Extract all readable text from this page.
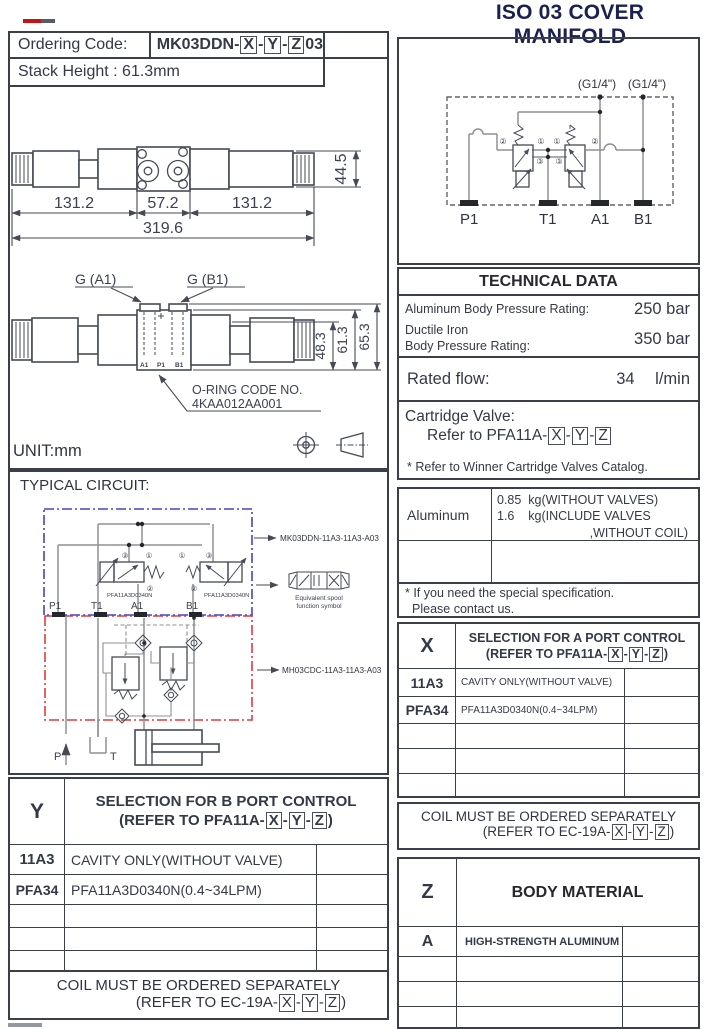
ISO 03 COVER MANIFOLD
Ordering Code:	MK03DDN- X - Y - Z 03
Stack Height : 61.3mm
131.2	57.2	131.2
319.6
44.5
A1 P1 B1
G (A1)	G (B1)
48.3 61.3 65.3
O-RING CODE NO.
4KAA012AA001
UNIT:mm
TYPICAL CIRCUIT:
③ ①
②
PFA11A3D0340N
①	③
②
PFA11A3D0340N
P1	T1	A1	B1
P	T
MK03DDN-11A3-11A3-A03
Equivalent spool
function symbol
MH03CDC-11A3-11A3-A03
Y	SELECTION FOR B PORT CONTROL
(REFER TO PFA11A- X - Y - Z )
11A3	CAVITY ONLY(WITHOUT VALVE)
PFA34 PFA11A3D0340N(0.4~34LPM)
COIL MUST BE ORDERED SEPARATELY
(REFER TO EC-19A- X - Y - Z )
(G1/4") (G1/4")
②	① ①	②
③ ③
P1	T1 A1 B1
TECHNICAL DATA
Aluminum Body Pressure Rating:	250 bar
Ductile Iron
Body Pressure Rating:	350 bar
Rated flow:	34 l/min
Cartridge Valve:
Refer to PFA11A- X - Y - Z
* Refer to Winner Cartridge Valves Catalog.
Aluminum
0.85  kg(WITHOUT VALVES)
1.6    kg(INCLUDE VALVES
,WITHOUT COIL)
* If you need the special specification.
Please contact us.
X	SELECTION FOR A PORT CONTROL
(REFER TO PFA11A- X - Y - Z )
11A3	CAVITY ONLY(WITHOUT VALVE)
PFA34	PFA11A3D0340N(0.4~34LPM)
COIL MUST BE ORDERED SEPARATELY
(REFER TO EC-19A- X - Y - Z )
Z	BODY MATERIAL
A	HIGH-STRENGTH ALUMINUM
